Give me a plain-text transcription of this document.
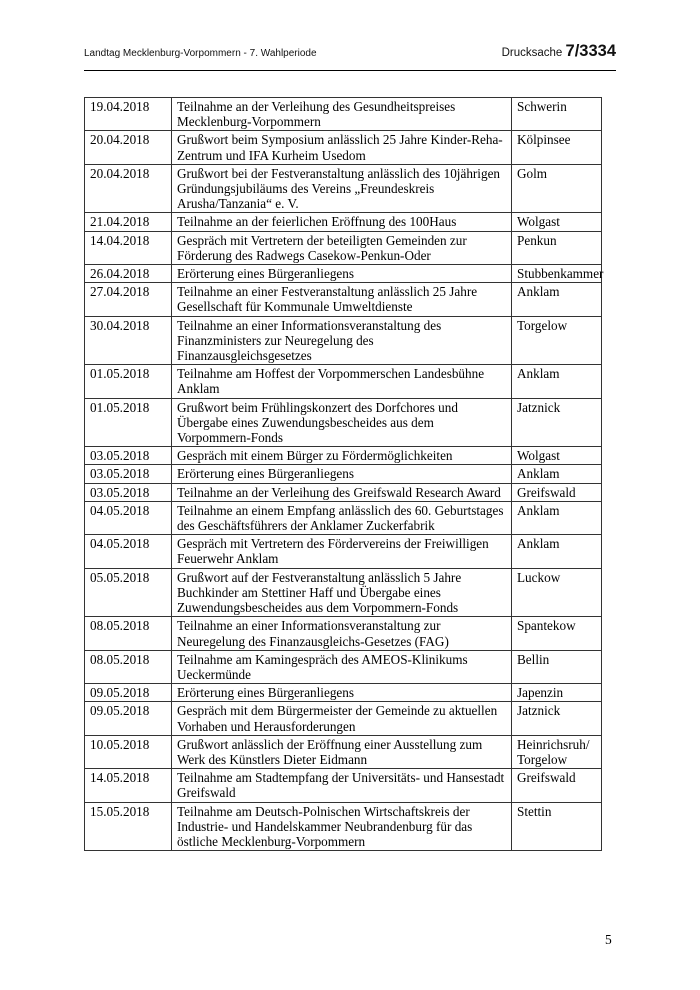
Landtag Mecklenburg-Vorpommern - 7. Wahlperiode	Drucksache 7/3334
19.04.2018	Teilnahme an der Verleihung des Gesundheitspreises Mecklenburg-Vorpommern	Schwerin
20.04.2018	Grußwort beim Symposium anlässlich 25 Jahre Kinder-Reha-Zentrum und IFA Kurheim Usedom	Kölpinsee
20.04.2018	Grußwort bei der Festveranstaltung anlässlich des 10jährigen Gründungsjubiläums des Vereins „Freundeskreis Arusha/Tanzania“ e. V.	Golm
21.04.2018	Teilnahme an der feierlichen Eröffnung des 100Haus	Wolgast
14.04.2018	Gespräch mit Vertretern der beteiligten Gemeinden zur Förderung des Radwegs Casekow-Penkun-Oder	Penkun
26.04.2018	Erörterung eines Bürgeranliegens	Stubbenkammer
27.04.2018	Teilnahme an einer Festveranstaltung anlässlich 25 Jahre Gesellschaft für Kommunale Umweltdienste	Anklam
30.04.2018	Teilnahme an einer Informationsveranstaltung des Finanzministers zur Neuregelung des Finanzausgleichsgesetzes	Torgelow
01.05.2018	Teilnahme am Hoffest der Vorpommerschen Landesbühne Anklam	Anklam
01.05.2018	Grußwort beim Frühlingskonzert des Dorfchores und Übergabe eines Zuwendungsbescheides aus dem Vorpommern-Fonds	Jatznick
03.05.2018	Gespräch mit einem Bürger zu Fördermöglichkeiten	Wolgast
03.05.2018	Erörterung eines Bürgeranliegens	Anklam
03.05.2018	Teilnahme an der Verleihung des Greifswald Research Award	Greifswald
04.05.2018	Teilnahme an einem Empfang anlässlich des 60. Geburtstages des Geschäftsführers der Anklamer Zuckerfabrik	Anklam
04.05.2018	Gespräch mit Vertretern des Fördervereins der Freiwilligen Feuerwehr Anklam	Anklam
05.05.2018	Grußwort auf der Festveranstaltung anlässlich 5 Jahre Buchkinder am Stettiner Haff und Übergabe eines Zuwendungsbescheides aus dem Vorpommern-Fonds	Luckow
08.05.2018	Teilnahme an einer Informationsveranstaltung zur Neuregelung des Finanzausgleichs-Gesetzes (FAG)	Spantekow
08.05.2018	Teilnahme am Kamingespräch des AMEOS-Klinikums Ueckermünde	Bellin
09.05.2018	Erörterung eines Bürgeranliegens	Japenzin
09.05.2018	Gespräch mit dem Bürgermeister der Gemeinde zu aktuellen Vorhaben und Herausforderungen	Jatznick
10.05.2018	Grußwort anlässlich der Eröffnung einer Ausstellung zum Werk des Künstlers Dieter Eidmann	Heinrichsruh/ Torgelow
14.05.2018	Teilnahme am Stadtempfang der Universitäts- und Hansestadt Greifswald	Greifswald
15.05.2018	Teilnahme am Deutsch-Polnischen Wirtschaftskreis der Industrie- und Handelskammer Neubrandenburg für das östliche Mecklenburg-Vorpommern	Stettin
5
